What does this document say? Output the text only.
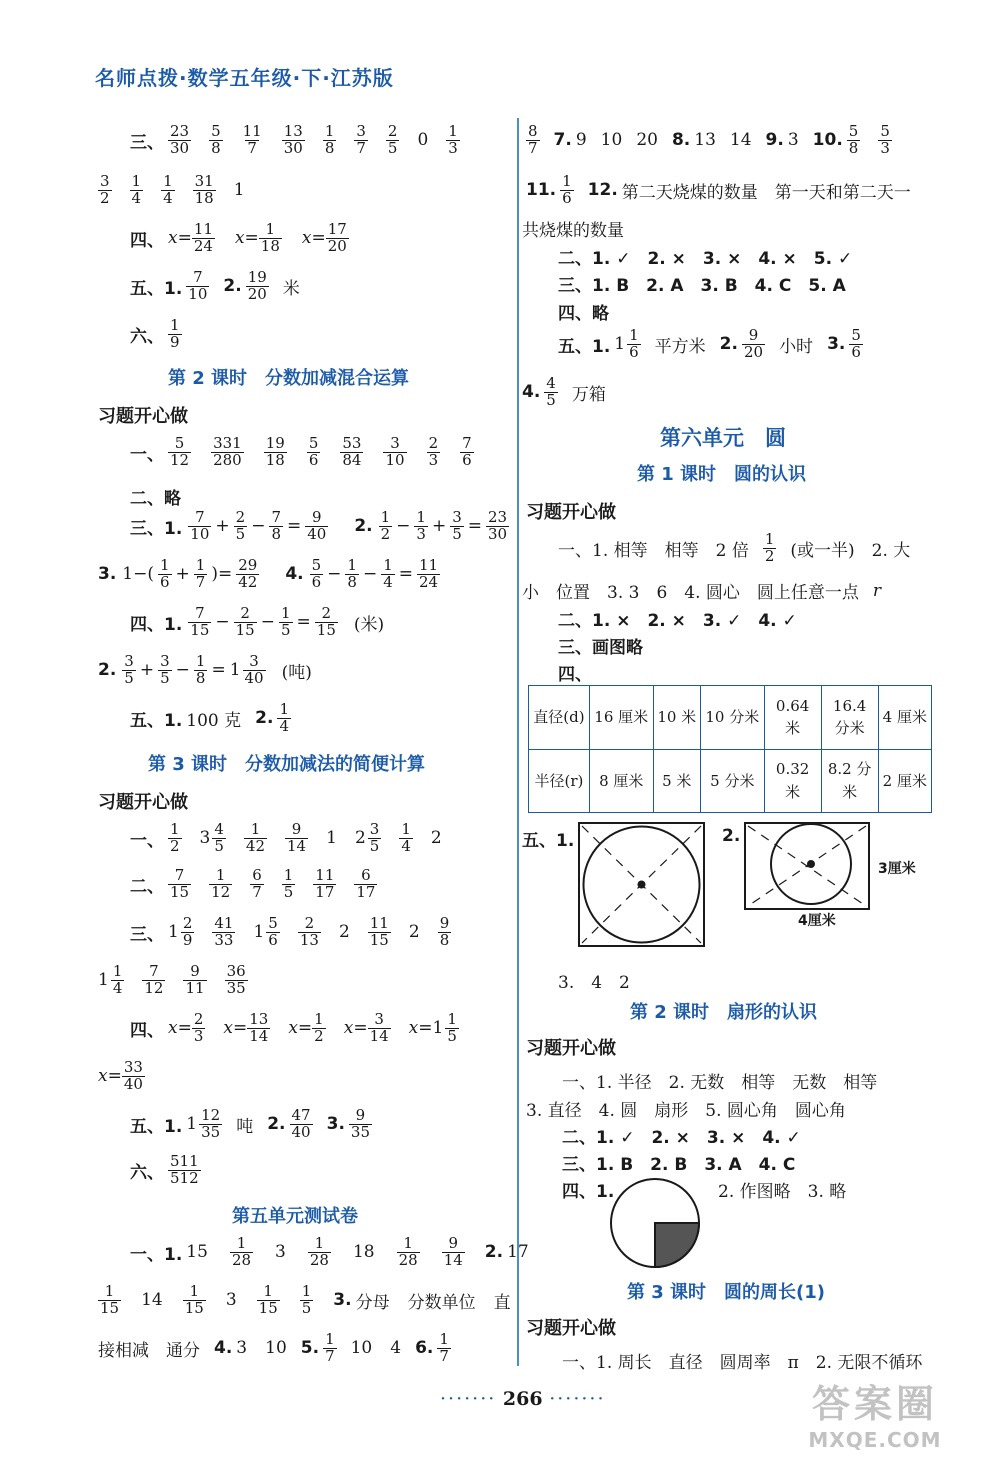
名师点拨·数学五年级·下·江苏版
三、 $\frac{23}{30} \frac{5}{8} \frac{11}{7} \frac{13}{30} \frac{1}{8} \frac{3}{7} \frac{2}{5} 0 \frac{1}{3}$
$\frac{3}{2} \frac{1}{4} \frac{1}{4} \frac{31}{18} 1$
四、 $x = \frac{11}{24}$ $x = \frac{1}{18}$ $x = \frac{17}{20}$
五、1. $\frac{7}{10} 2$. $\frac{19}{20}$ 米
六、 $\frac{1}{9}$
第 2 课时　分数加减混合运算
习题开心做
一、 $\frac{5}{12} \frac{331}{280} \frac{19}{18} \frac{5}{6} \frac{53}{84} \frac{3}{10} \frac{2}{3} \frac{7}{6}$
二、略
三、1. $\frac{7}{10} + \frac{2}{5} - \frac{7}{8} = \frac{9}{40} 2$. $\frac{1}{2} - \frac{1}{3} + \frac{3}{5} = \frac{23}{30}$
3. $1-( \frac{1}{6} + \frac{1}{7}$ )= $\frac{29}{42} 4$. $\frac{5}{6} - \frac{1}{8} - \frac{1}{4} = \frac{11}{24}$
四、1. $\frac{7}{15} - \frac{2}{15} - \frac{1}{5} = \frac{2}{15}$ (米)
2. $\frac{3}{5} + \frac{3}{5} - \frac{1}{8} = 1 \frac{3}{40}$ (吨)
五、1. 100 克 2. $\frac{1}{4}$
第 3 课时　分数加减法的简便计算
习题开心做
一、 $\frac{1}{2} 3 \frac{4}{5} \frac{1}{42} \frac{9}{14} 1$ $2 \frac{3}{5} \frac{1}{4} 2$
二、 $\frac{7}{15} \frac{1}{12} \frac{6}{7} \frac{1}{5} \frac{11}{17} \frac{6}{17}$
三、 $1 \frac{2}{9} \frac{41}{33} 1 \frac{5}{6} \frac{2}{13} 2 \frac{11}{15} 2 \frac{9}{8}$
$1 \frac{1}{4} \frac{7}{12} \frac{9}{11} \frac{36}{35}$
四、 $x = \frac{2}{3}$ $x = \frac{13}{14}$ $x = \frac{1}{2}$ $x = \frac{3}{14}$ $x = 1 \frac{1}{5}$
$x = \frac{33}{40}$
五、1. $1 \frac{12}{35}$ 吨 2. $\frac{47}{40} 3$. $\frac{9}{35}$
六、 $\frac{511}{512}$
第五单元测试卷
一、1. $15 \frac{1}{28} 3 \frac{1}{28} 18 \frac{1}{28} \frac{9}{14} 2$. 17
$\frac{1}{15} 14 \frac{1}{15} 3 \frac{1}{15} \frac{1}{5} 3$. 分母 分数单位 直
接相减　通分 4. 3 10 5. $\frac{1}{7} 10$ 4 6. $\frac{1}{7}$
$\frac{8}{7} 7$. 9 10 20 8. 13 14 9. 3 10. $\frac{5}{8} \frac{5}{3}$
11. $\frac{1}{6} 12$. 第二天烧煤的数量　第一天和第二天一
共烧煤的数量
二、1. ✓　2. ×　3. ×　4. ×　5. ✓
三、1. B　2. A　3. B　4. C　5. A
四、略
五、1. $1 \frac{1}{6}$ 平方米 2. $\frac{9}{20}$ 小时 3. $\frac{5}{6}$
4. $\frac{4}{5}$ 万箱
第六单元　圆
第 1 课时　圆的认识
习题开心做
一、1. 相等　相等　2 倍 $\frac{1}{2}$ (或一半)　2. 大
小　位置　3. 3　6　4. 圆心　圆上任意一点 r
二、1. ×　2. ×　3. ✓　4. ✓
三、画图略
四、
直径(d)	16 厘米	10 米	10 分米	0.64 米	16.4 分米	4 厘米
半径(r)	8 厘米	5 米	5 分米	0.32 米	8.2 分米	2 厘米
五、1.	2.
3厘米
4厘米
3.　4　2
第 2 课时　扇形的认识
习题开心做
一、1. 半径　2. 无数　相等　无数　相等
3. 直径　4. 圆　扇形　5. 圆心角　圆心角
二、1. ✓　2. ×　3. ×　4. ✓
三、1. B　2. B　3. A　4. C
四、1.	2. 作图略　3. 略
第 3 课时　圆的周长(1)
习题开心做
一、1. 周长　直径　圆周率　π　2. 无限不循环
······· 266 ·······	答案圈
MXQE.COM
